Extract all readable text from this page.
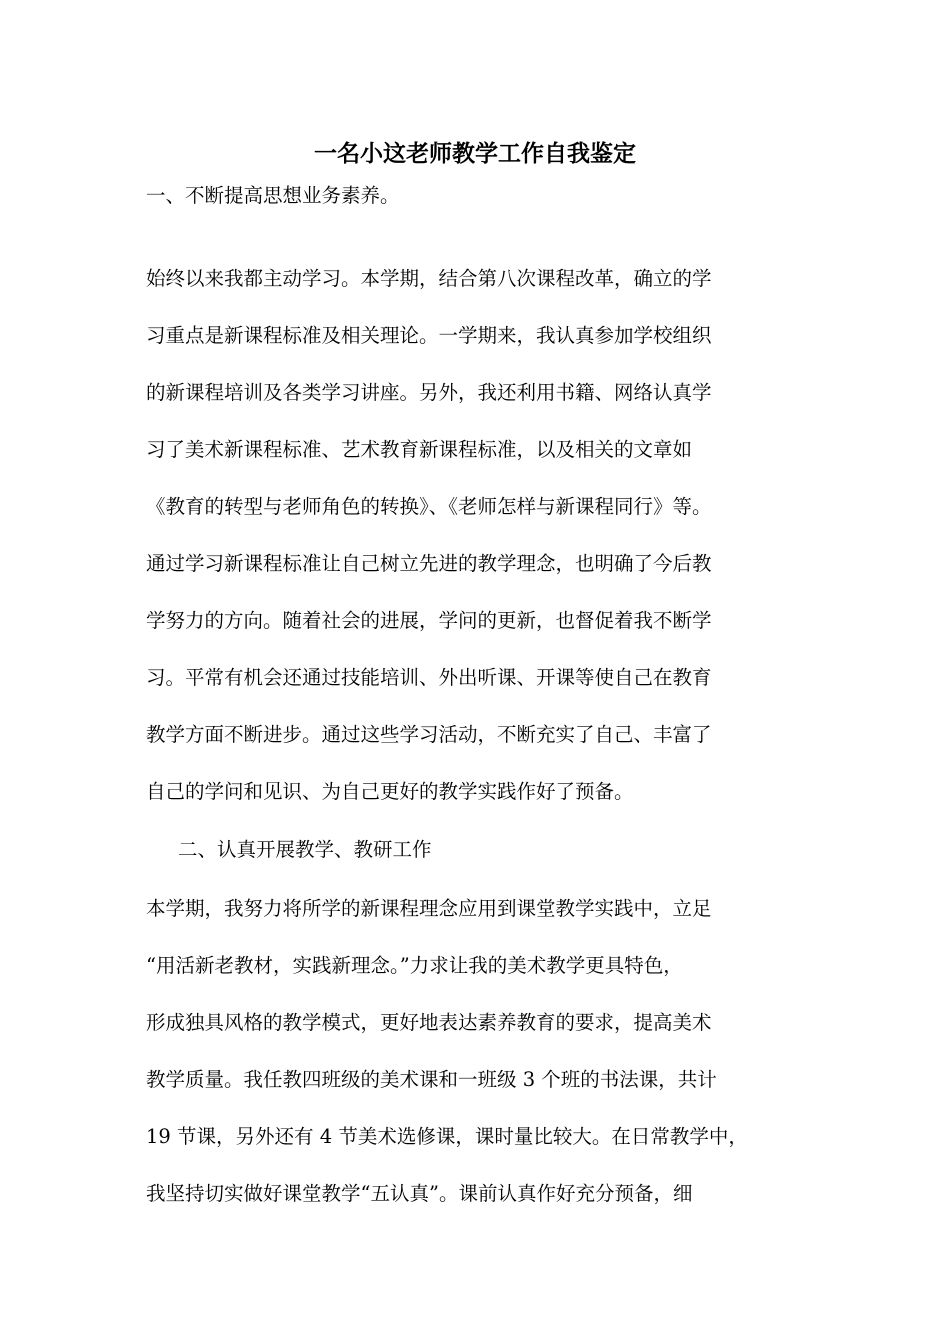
一名小这老师教学工作自我鉴定
一、不断提高思想业务素养。
始终以来我都主动学习。本学期，结合第八次课程改革，确立的学
习重点是新课程标准及相关理论。一学期来，我认真参加学校组织
的新课程培训及各类学习讲座。另外，我还利用书籍、网络认真学
习了美术新课程标准、艺术教育新课程标准，以及相关的文章如
《教育的转型与老师角色的转换》、《老师怎样与新课程同行》等。
通过学习新课程标准让自己树立先进的教学理念，也明确了今后教
学努力的方向。随着社会的进展，学问的更新，也督促着我不断学
习。平常有机会还通过技能培训、外出听课、开课等使自己在教育
教学方面不断进步。通过这些学习活动，不断充实了自己、丰富了
自己的学问和见识、为自己更好的教学实践作好了预备。
二、认真开展教学、教研工作
本学期，我努力将所学的新课程理念应用到课堂教学实践中，立足
“用活新老教材，实践新理念。”力求让我的美术教学更具特色，
形成独具风格的教学模式，更好地表达素养教育的要求，提高美术
教学质量。我任教四班级的美术课和一班级 3 个班的书法课，共计
19 节课，另外还有 4 节美术选修课，课时量比较大。在日常教学中，
我坚持切实做好课堂教学“五认真”。课前认真作好充分预备，细
